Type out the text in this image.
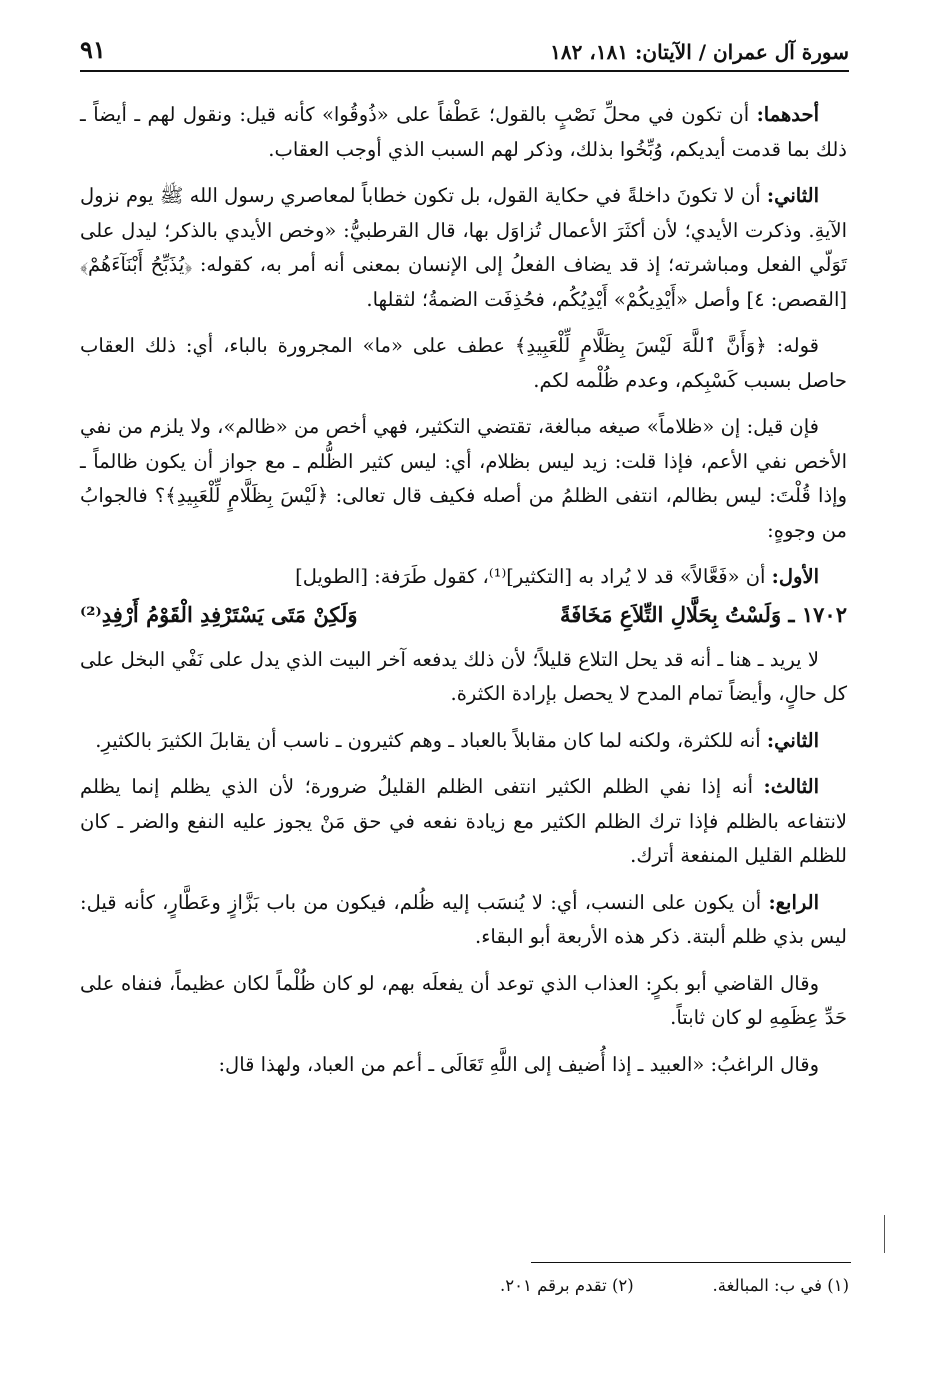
سورة آل عمران / الآيتان: ١٨١، ١٨٢
٩١

أحدهما: أن تكون في محلِّ نَصْبٍ بالقول؛ عَطْفاً على «ذُوقُوا» كأنه قيل: ونقول لهم ـ أيضاً ـ ذلك بما قدمت أيديكم، وُبِّخُوا بذلك، وذكر لهم السبب الذي أوجب العقاب.

الثاني: أن لا تكونَ داخلةً في حكاية القول، بل تكون خطاباً لمعاصري رسول الله ﷺ يوم نزول الآيةِ. وذكرت الأيدي؛ لأن أكثَرَ الأعمال تُزاوَل بها، قال القرطبيُّ: «وخص الأيدي بالذكر؛ ليدل على تَوَلّي الفعل ومباشرته؛ إذ قد يضاف الفعلُ إلى الإنسان بمعنى أنه أمر به، كقوله: ﴿يُذَبِّحُ أَبْنَآءَهُمْ﴾ [القصص: ٤] وأصل «أَيْدِيكُمْ» أَيْدِيُكُم، فحُذِفَت الضمةُ؛ لثقلها.

قوله: ﴿وَأَنَّ ٱللَّهَ لَيْسَ بِظَلَّامٍ لِّلْعَبِيدِ﴾ عطف على «ما» المجرورة بالباء، أي: ذلك العقاب حاصل بسبب كَسْبِكم، وعدم ظُلْمه لكم.

فإن قيل: إن «ظلاماً» صيغه مبالغة، تقتضي التكثير، فهي أخص من «ظالم»، ولا يلزم من نفي الأخص نفي الأعم، فإذا قلت: زيد ليس بظلام، أي: ليس كثير الظُّلم ـ مع جواز أن يكون ظالماً ـ وإذا قُلْتَ: ليس بظالم، انتفى الظلمُ من أصله فكيف قال تعالى: ﴿لَيْسَ بِظَلَّامٍ لِّلْعَبِيدِ﴾؟ فالجوابُ من وجوهٍ:

الأول: أن «فَعَّالاً» قد لا يُراد به [التكثير]⁽¹⁾، كقول طَرَفة: [الطويل]

١٧٠٢ ـ وَلَسْتُ بِحَلَّالِ التِّلاَعِ مَخَافَةً
وَلَكِنْ مَتَى يَسْتَرْفِدِ الْقَوْمُ أَرْفِدِ⁽²⁾

لا يريد ـ هنا ـ أنه قد يحل التلاع قليلاً؛ لأن ذلك يدفعه آخر البيت الذي يدل على نَفْي البخل على كل حالٍ، وأيضاً تمام المدح لا يحصل بإرادة الكثرة.

الثاني: أنه للكثرة، ولكنه لما كان مقابلاً بالعباد ـ وهم كثيرون ـ ناسب أن يقابلَ الكثيرَ بالكثيرِ.

الثالث: أنه إذا نفي الظلم الكثير انتفى الظلم القليلُ ضرورة؛ لأن الذي يظلم إنما يظلم لانتفاعه بالظلم فإذا ترك الظلم الكثير مع زيادة نفعه في حق مَنْ يجوز عليه النفع والضر ـ كان للظلم القليل المنفعة أترك.

الرابع: أن يكون على النسب، أي: لا يُنسَب إليه ظُلم، فيكون من باب بَزَّازٍ وعَطَّارٍ، كأنه قيل: ليس بذي ظلم ألبتة. ذكر هذه الأربعة أبو البقاء.

وقال القاضي أبو بكرٍ: العذاب الذي توعد أن يفعلَه بهم، لو كان ظُلْماً لكان عظيماً، فنفاه على حَدِّ عِظَمِهِ لو كان ثابتاً.

وقال الراغبُ: «العبيد ـ إذا أُضيف إلى اللَّهِ تَعَالَى ـ أعم من العباد، ولهذا قال:

(١) في ب: المبالغة.
(٢) تقدم برقم ٢٠١.
